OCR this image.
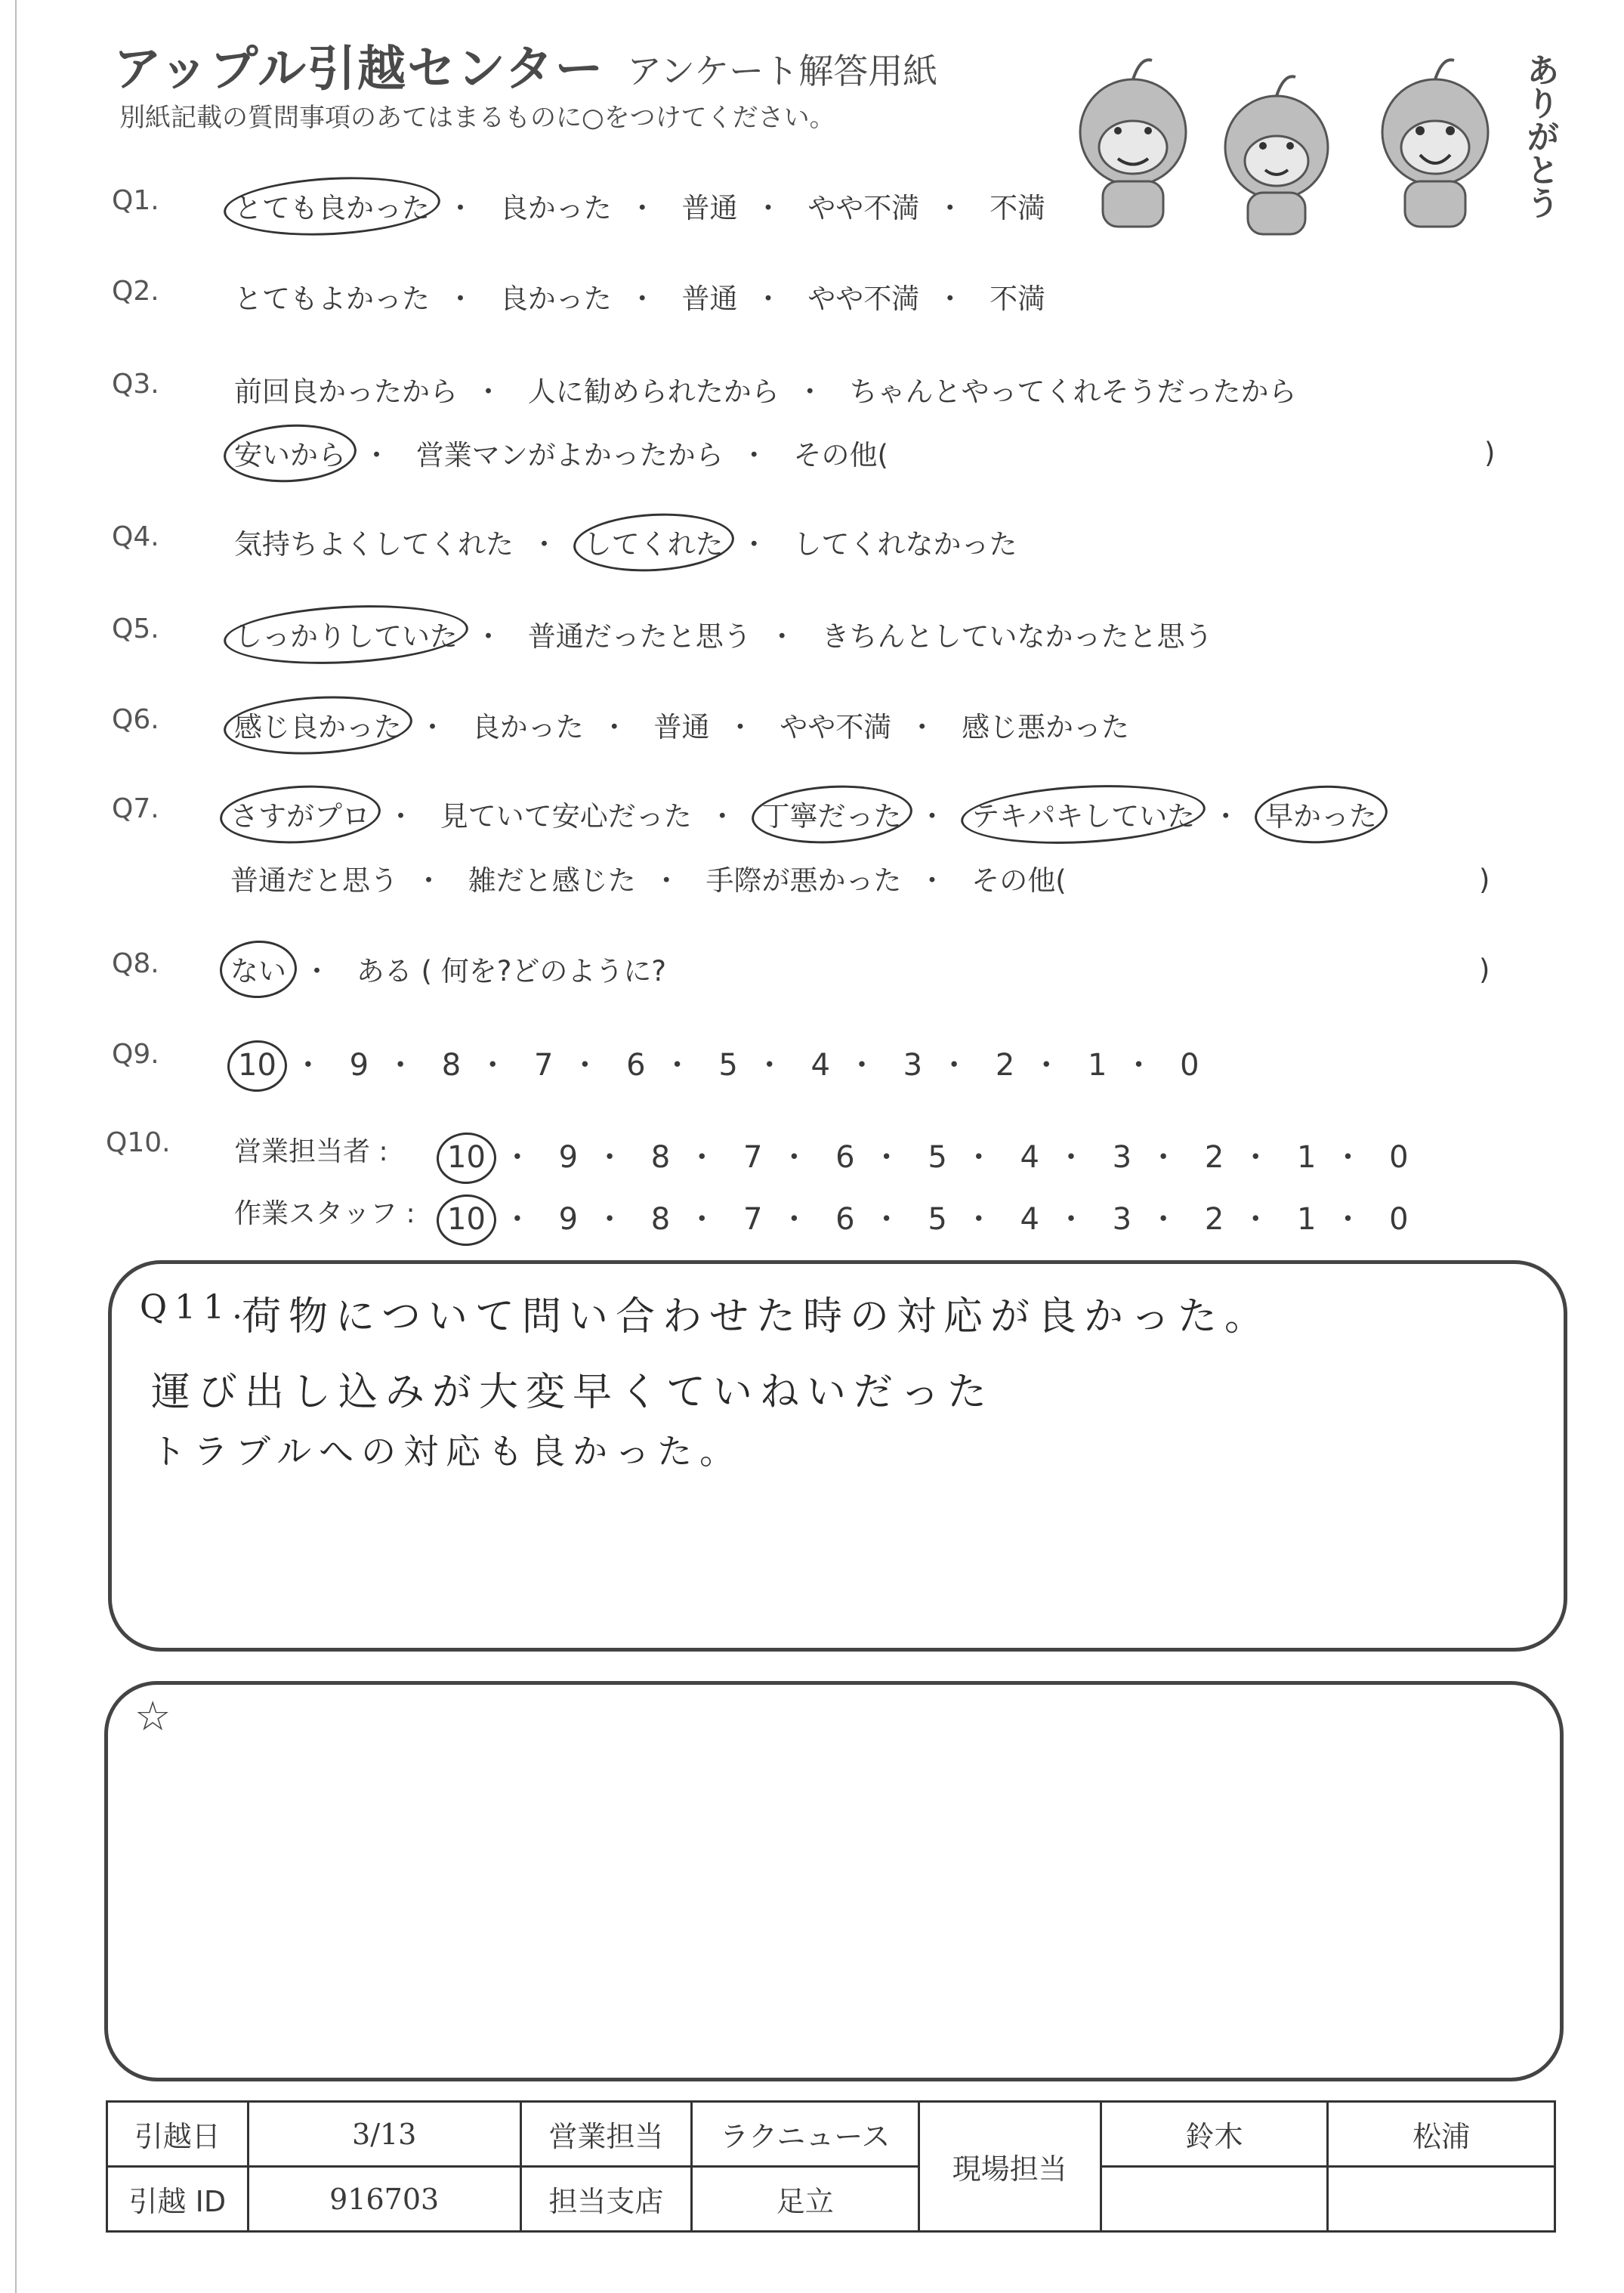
アップル引越センター アンケート解答用紙
別紙記載の質問事項のあてはまるものに○をつけてください。	ありがとう
Q1.	とても良かった ・ 良かった ・ 普通 ・ やや不満 ・ 不満
Q2.	とてもよかった ・ 良かった ・ 普通 ・ やや不満 ・ 不満
Q3.	前回良かったから ・ 人に勧められたから ・ ちゃんとやってくれそうだったから
安いから ・ 営業マンがよかったから ・ その他(	)
Q4.	気持ちよくしてくれた ・ してくれた ・ してくれなかった
Q5.	しっかりしていた ・ 普通だったと思う ・ きちんとしていなかったと思う
Q6.	感じ良かった ・ 良かった ・ 普通 ・ やや不満 ・ 感じ悪かった
Q7.	さすがプロ ・ 見ていて安心だった ・ 丁寧だった ・ テキパキしていた ・ 早かった
普通だと思う ・ 雑だと感じた ・ 手際が悪かった ・ その他(	)
Q8.	ない ・ ある ( 何を?どのように?	)
Q9.	10 ・ 9 ・ 8 ・ 7 ・ 6 ・ 5 ・ 4 ・ 3 ・ 2 ・ 1 ・ 0
Q10. 営業担当者 : 10 ・ 9 ・ 8 ・ 7 ・ 6 ・ 5 ・ 4 ・ 3 ・ 2 ・ 1 ・ 0
作業スタッフ : 10 ・ 9 ・ 8 ・ 7 ・ 6 ・ 5 ・ 4 ・ 3 ・ 2 ・ 1 ・ 0
Q11.
荷物について問い合わせた時の対応が良かった。
運び出し込みが大変早くていねいだった
トラブルへの対応も良かった。
☆
引越日	3/13	営業担当	ラクニュース	現場担当	鈴木	松浦
引越 ID	916703	担当支店	足立			
